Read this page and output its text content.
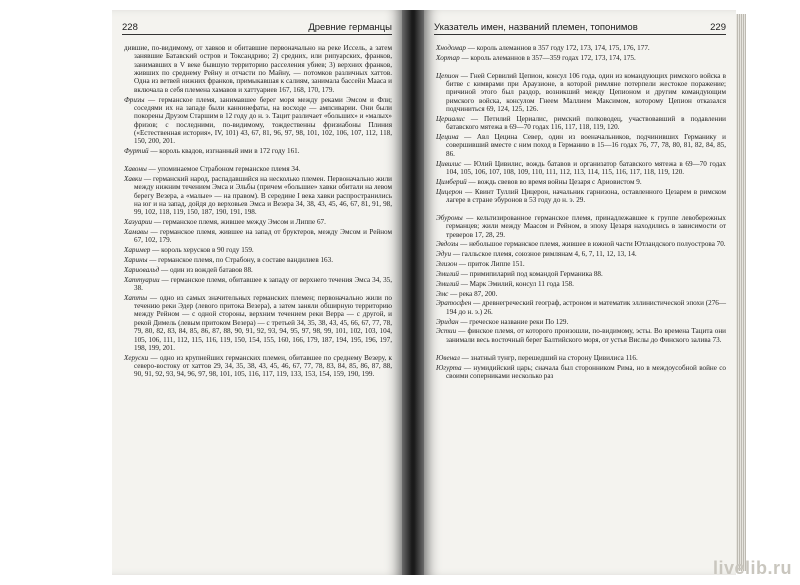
228	Древние германцы

дившие, по-видимому, от хавков и обитавшие первоначально на реке Иссель, а затем занявшие Батавский остров и Токсандрию; 2) средних, или рипуарских, франков, занимавших в V веке бывшую территорию расселения убиев; 3) верхних франков, живших по среднему Рейну и отчасти по Майну, — потомков различных хаттов. Одна из ветвей нижних франков, примыкавшая к салиям, занимала бассейн Мааса и включала в себя племена хамавов и хаттуариев 167, 168, 170, 179.

Фризы — германское племя, занимавшее берег моря между реками Эмсом и Фли; соседями их на западе были каннинефаты, на восходе — ампсиварии. Они были покорены Друзом Старшим в 12 году до н. э. Тацит различает «больших» и «малых» фризов; с последними, по-видимому, тождественны фризиабоны Плиния («Естественная история», IV, 101) 43, 67, 81, 96, 97, 98, 101, 102, 106, 107, 112, 118, 150, 200, 201.

Фуртий — король квадов, изгнанный ими в 172 году 161.

Хавоны — упоминаемое Страбоном германское племя 34.

Хавки — германский народ, распадавшийся на несколько племен. Первоначально жили между нижним течением Эмса и Эльбы (причем «большие» хавки обитали на левом берегу Везера, а «малые» — на правом). В середине I века хавки распространились на юг и на запад, дойдя до верховьев Эмса и Везера 34, 38, 43, 45, 46, 67, 81, 91, 98, 99, 102, 118, 119, 150, 187, 190, 191, 198.

Хазуарии — германское племя, жившее между Эмсом и Липпе 67.

Хамавы — германское племя, жившее на запад от бруктеров, между Эмсом и Рейном 67, 102, 179.

Хаример — король херусков в 90 году 159.

Харины — германское племя, по Страбону, в составе вандилиев 163.

Хариовальд — один из вождей батавов 88.

Хаттуарии — германское племя, обитавшее к западу от верхнего течения Эмса 34, 35, 38.

Хатты — одно из самых значительных германских племен; первоначально жили по течению реки Эдер (левого притока Везера), а затем заняли обширную территорию между Рейном — с одной стороны, верхним течением реки Верра — с другой, и рекой Димель (левым притоком Везера) — с третьей 34, 35, 38, 43, 45, 66, 67, 77, 78, 79, 80, 82, 83, 84, 85, 86, 87, 88, 90, 91, 92, 93, 94, 95, 97, 98, 99, 101, 102, 103, 104, 105, 106, 111, 112, 115, 116, 119, 150, 154, 155, 160, 166, 179, 187, 194, 195, 196, 197, 198, 199, 201.

Херуски — одно из крупнейших германских племен, обитавшее по среднему Везеру, к северо-востоку от хаттов 29, 34, 35, 38, 43, 45, 46, 67, 77, 78, 83, 84, 85, 86, 87, 88, 90, 91, 92, 93, 94, 96, 97, 98, 101, 105, 116, 117, 119, 133, 153, 154, 159, 190, 199.

Указатель имен, названий племен, топонимов	229

Хнодомар — король алеманнов в 357 году 172, 173, 174, 175, 176, 177.

Хортар — король алеманнов в 357—359 годах 172, 173, 174, 175.

Цепион — Гней Сервилий Цепион, консул 106 года, один из командующих римского войска в битве с кимврами при Араузионе, в которой римляне потерпели жестокое поражение; причиной этого был раздор, возникший между Цепионом и другим командующим римского войска, консулом Гнеем Маллием Максимом, которому Цепион отказался подчиниться 69, 124, 125, 126.

Цериалис — Петилий Цериалис, римский полководец, участвовавший в подавлении батавского мятежа в 69—70 годах 116, 117, 118, 119, 120.

Цецина — Авл Цецина Север, один из военачальников, подчинивших Германику и совершивший вместе с ним поход в Германию в 15—16 годах 76, 77, 78, 80, 81, 82, 84, 85, 86.

Цивилис — Юлий Цивилис, вождь батавов и организатор батавского мятежа в 69—70 годах 104, 105, 106, 107, 108, 109, 110, 111, 112, 113, 114, 115, 116, 117, 118, 119, 120.

Цимберий — вождь свевов во время войны Цезаря с Ариовистом 9.

Цицерон — Квинт Туллий Цицерон, начальник гарнизона, оставленного Цезарем в римском лагере в стране эбуронов в 53 году до н. э. 29.

Эбуроны — кельтизированное германское племя, принадлежавшее к группе левобережных германцев; жили между Маасом и Рейном, в эпоху Цезаря находились в зависимости от треверов 17, 28, 29.

Эвдозы — небольшое германское племя, жившее в южной части Ютландского полуострова 70.

Эдуи — галльское племя, союзное римлянам 4, 6, 7, 11, 12, 13, 14.

Элизон — приток Липпе 151.

Эмилий — примипиларий под командой Германика 88.

Эмилий — Марк Эмилий, консул 11 года 158.

Эмс — река 87, 200.

Эратосфен — древнегреческий географ, астроном и математик эллинистической эпохи (276—194 до н. э.) 26.

Эридан — греческое название реки По 129.

Эстии — финское племя, от которого произошли, по-видимому, эсты. Во времена Тацита они занимали весь восточный берег Балтийского моря, от устья Вислы до Финского залива 73.

Ювенал — знатный тунгр, перешедший на сторону Цивилиса 116.

Югурта — нумидийский царь; сначала был сторонником Рима, но в междоусобной войне со своими соперниками несколько раз

livelib.ru
